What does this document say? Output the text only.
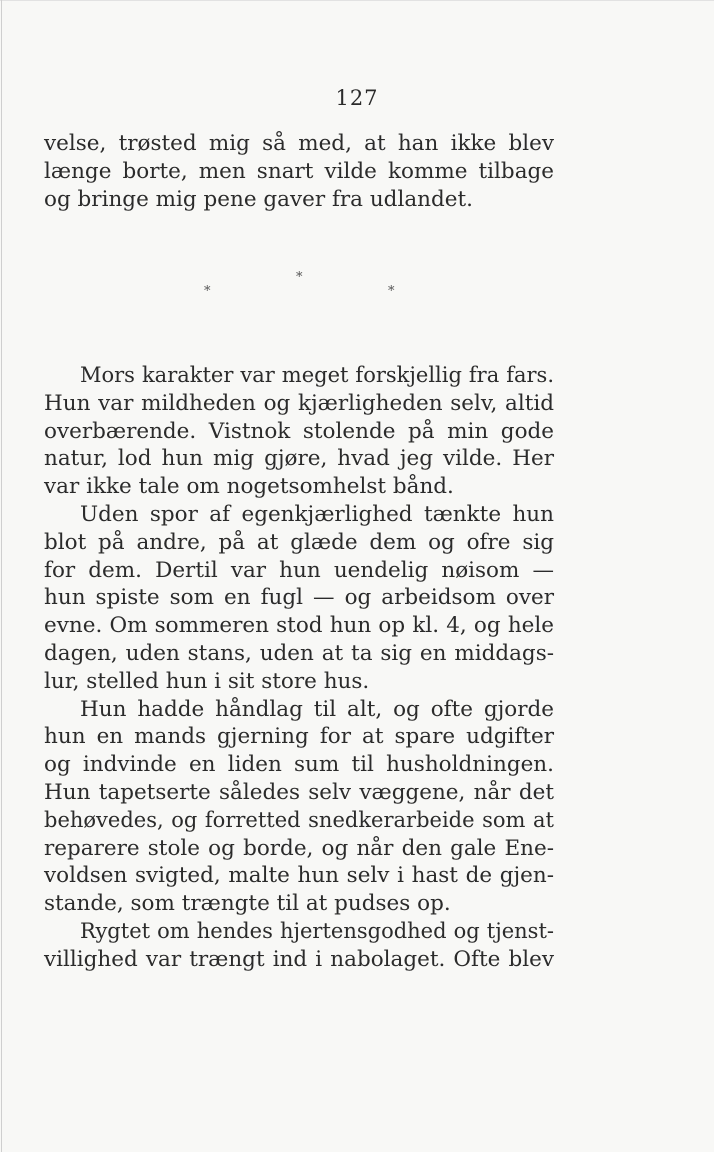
127
velse, trøsted mig så med, at han ikke blev
længe borte, men snart vilde komme tilbage
og bringe mig pene gaver fra udlandet.
*
*	*
Mors karakter var meget forskjellig fra fars.
Hun var mildheden og kjærligheden selv, altid
overbærende. Vistnok stolende på min gode
natur, lod hun mig gjøre, hvad jeg vilde. Her
var ikke tale om nogetsomhelst bånd.
Uden spor af egenkjærlighed tænkte hun
blot på andre, på at glæde dem og ofre sig
for dem. Dertil var hun uendelig nøisom —
hun spiste som en fugl — og arbeidsom over
evne. Om sommeren stod hun op kl. 4, og hele
dagen, uden stans, uden at ta sig en middags-
lur, stelled hun i sit store hus.
Hun hadde håndlag til alt, og ofte gjorde
hun en mands gjerning for at spare udgifter
og indvinde en liden sum til husholdningen.
Hun tapetserte således selv væggene, når det
behøvedes, og forretted snedkerarbeide som at
reparere stole og borde, og når den gale Ene-
voldsen svigted, malte hun selv i hast de gjen-
stande, som trængte til at pudses op.
Rygtet om hendes hjertensgodhed og tjenst-
villighed var trængt ind i nabolaget. Ofte blev
